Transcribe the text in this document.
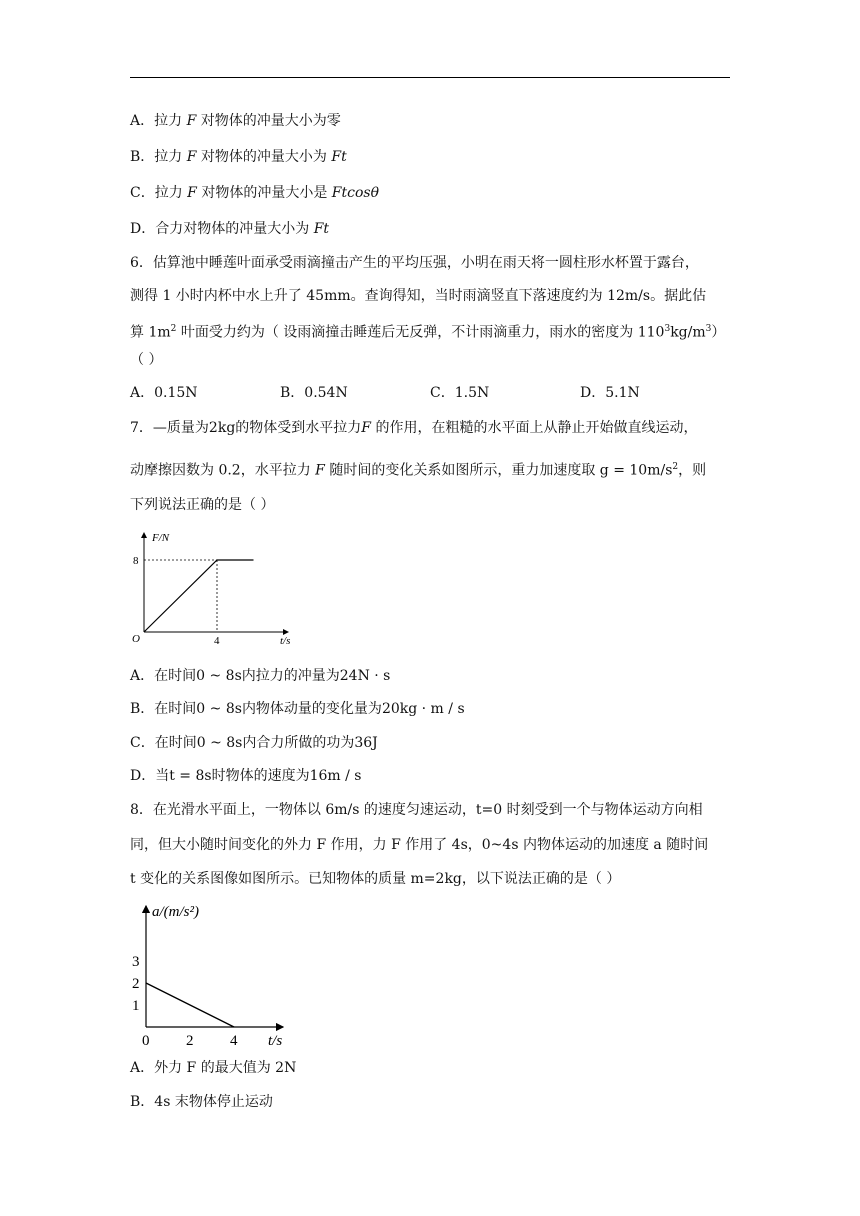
A．拉力 F 对物体的冲量大小为零
B．拉力 F 对物体的冲量大小为 Ft
C．拉力 F 对物体的冲量大小是 Ftcosθ
D．合力对物体的冲量大小为 Ft
6．估算池中睡莲叶面承受雨滴撞击产生的平均压强，小明在雨天将一圆柱形水杯置于露台，
测得 1 小时内杯中水上升了 45mm。查询得知，当时雨滴竖直下落速度约为 12m/s。据此估
算 $1m^2$ 叶面受力约为（ 设雨滴撞击睡莲后无反弹，不计雨滴重力，雨水的密度为 $110^3kg/m^3$）
（ ）
A．0.15N	B．0.54N	C．1.5N	D．5.1N
7．—质量为2kg的物体受到水平拉力F 的作用，在粗糙的水平面上从静止开始做直线运动，
动摩擦因数为 0.2，水平拉力 F 随时间的变化关系如图所示，重力加速度取 $g = 10m/s^2$，则
下列说法正确的是（ ）
F/N
t/s
O
8
4
A．在时间0 ~ 8s内拉力的冲量为24N · s
B．在时间0 ~ 8s内物体动量的变化量为20kg · m / s
C．在时间0 ~ 8s内合力所做的功为36J
D．当t = 8s时物体的速度为16m / s
8．在光滑水平面上，一物体以 6m/s 的速度匀速运动，t=0 时刻受到一个与物体运动方向相
同，但大小随时间变化的外力 F 作用，力 F 作用了 4s，0~4s 内物体运动的加速度 a 随时间
t 变化的关系图像如图所示。已知物体的质量 m=2kg，以下说法正确的是（ ）
1
2
3
0 2 4
a/(m/s²)
t/s
A．外力 F 的最大值为 2N
B．4s 末物体停止运动
